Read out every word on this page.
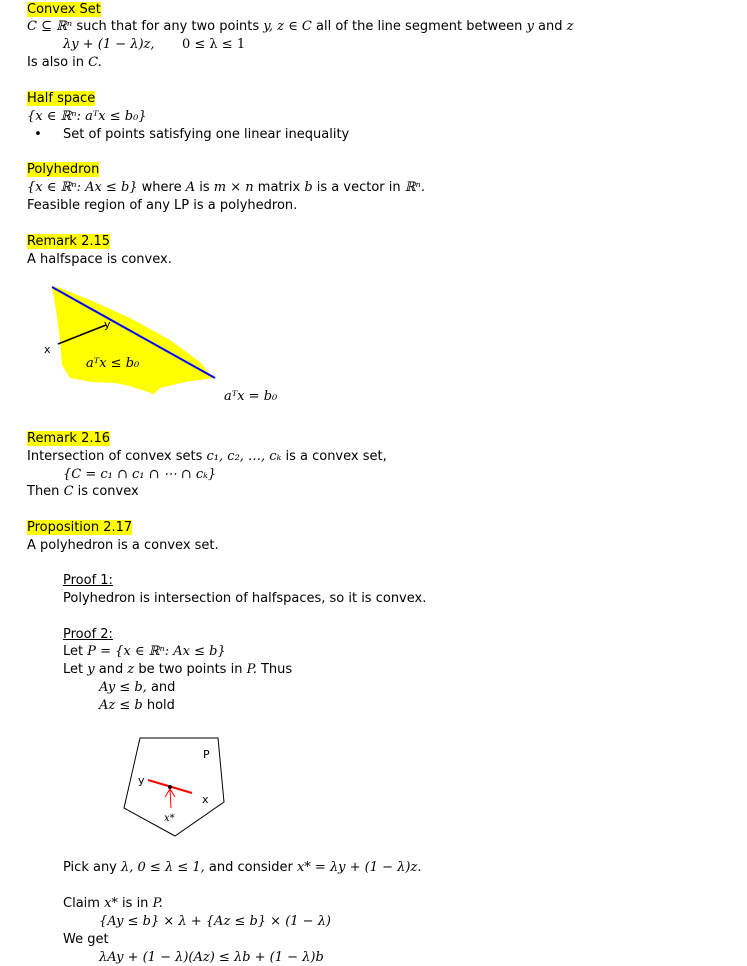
Convex Set
C ⊆ ℝⁿ such that for any two points y, z ∈ C all of the line segment between y and z
λy + (1 − λ)z, 0 ≤ λ ≤ 1
Is also in C.
Half space
{x ∈ ℝⁿ: aᵀx ≤ b₀}
•	Set of points satisfying one linear inequality
Polyhedron
{x ∈ ℝⁿ: Ax ≤ b} where A is m × n matrix b is a vector in ℝⁿ.
Feasible region of any LP is a polyhedron.
Remark 2.15
A halfspace is convex.
y
x
aᵀx ≤ b₀
aᵀx = b₀
Remark 2.16
Intersection of convex sets c₁, c₂, …, cₖ is a convex set,
{C = c₁ ∩ c₁ ∩ ⋯ ∩ cₖ}
Then C is convex
Proposition 2.17
A polyhedron is a convex set.
Proof 1:
Polyhedron is intersection of halfspaces, so it is convex.
Proof 2:
Let P = {x ∈ ℝⁿ: Ax ≤ b}
Let y and z be two points in P. Thus
Ay ≤ b, and
Az ≤ b hold
P
y
x
x*
Pick any λ, 0 ≤ λ ≤ 1, and consider x* = λy + (1 − λ)z.
Claim x* is in P.
{Ay ≤ b} × λ + {Az ≤ b} × (1 − λ)
We get
λAy + (1 − λ)(Az) ≤ λb + (1 − λ)b
